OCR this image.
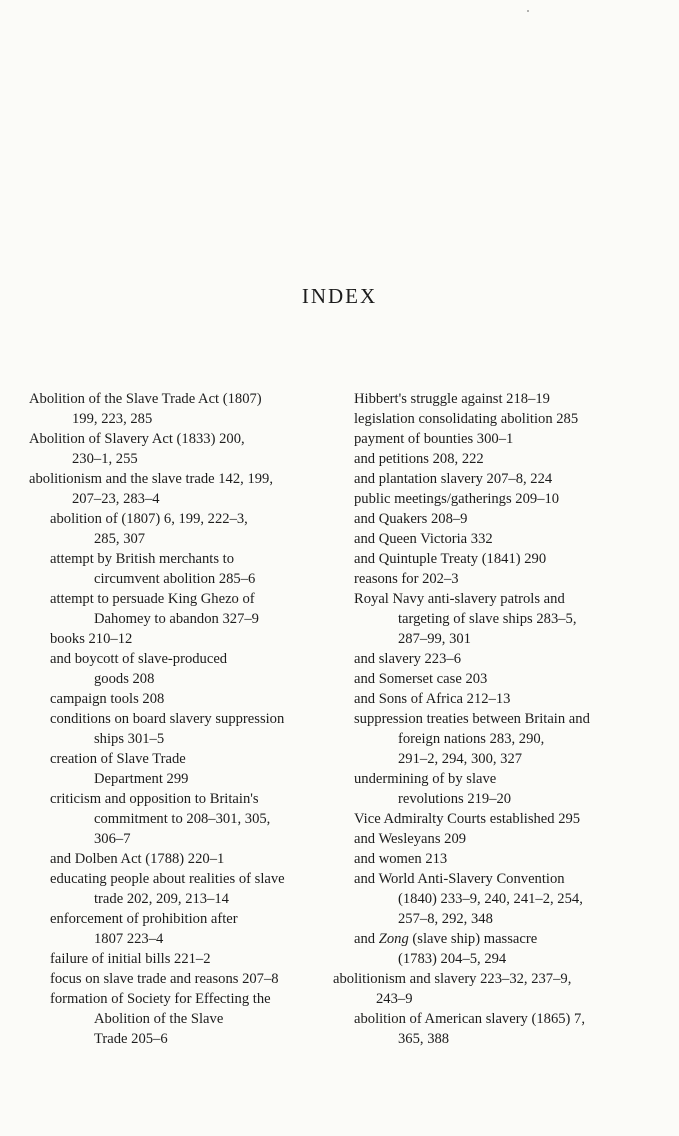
INDEX
Abolition of the Slave Trade Act (1807)
199, 223, 285
Abolition of Slavery Act (1833) 200,
230–1, 255
abolitionism and the slave trade 142, 199,
207–23, 283–4
abolition of (1807) 6, 199, 222–3,
285, 307
attempt by British merchants to
circumvent abolition 285–6
attempt to persuade King Ghezo of
Dahomey to abandon 327–9
books 210–12
and boycott of slave-produced
goods 208
campaign tools 208
conditions on board slavery suppression
ships 301–5
creation of Slave Trade
Department 299
criticism and opposition to Britain's
commitment to 208–301, 305,
306–7
and Dolben Act (1788) 220–1
educating people about realities of slave
trade 202, 209, 213–14
enforcement of prohibition after
1807 223–4
failure of initial bills 221–2
focus on slave trade and reasons 207–8
formation of Society for Effecting the
Abolition of the Slave
Trade 205–6
Hibbert's struggle against 218–19
legislation consolidating abolition 285
payment of bounties 300–1
and petitions 208, 222
and plantation slavery 207–8, 224
public meetings/gatherings 209–10
and Quakers 208–9
and Queen Victoria 332
and Quintuple Treaty (1841) 290
reasons for 202–3
Royal Navy anti-slavery patrols and
targeting of slave ships 283–5,
287–99, 301
and slavery 223–6
and Somerset case 203
and Sons of Africa 212–13
suppression treaties between Britain and
foreign nations 283, 290,
291–2, 294, 300, 327
undermining of by slave
revolutions 219–20
Vice Admiralty Courts established 295
and Wesleyans 209
and women 213
and World Anti-Slavery Convention
(1840) 233–9, 240, 241–2, 254,
257–8, 292, 348
and Zong (slave ship) massacre
(1783) 204–5, 294
abolitionism and slavery 223–32, 237–9,
243–9
abolition of American slavery (1865) 7,
365, 388
